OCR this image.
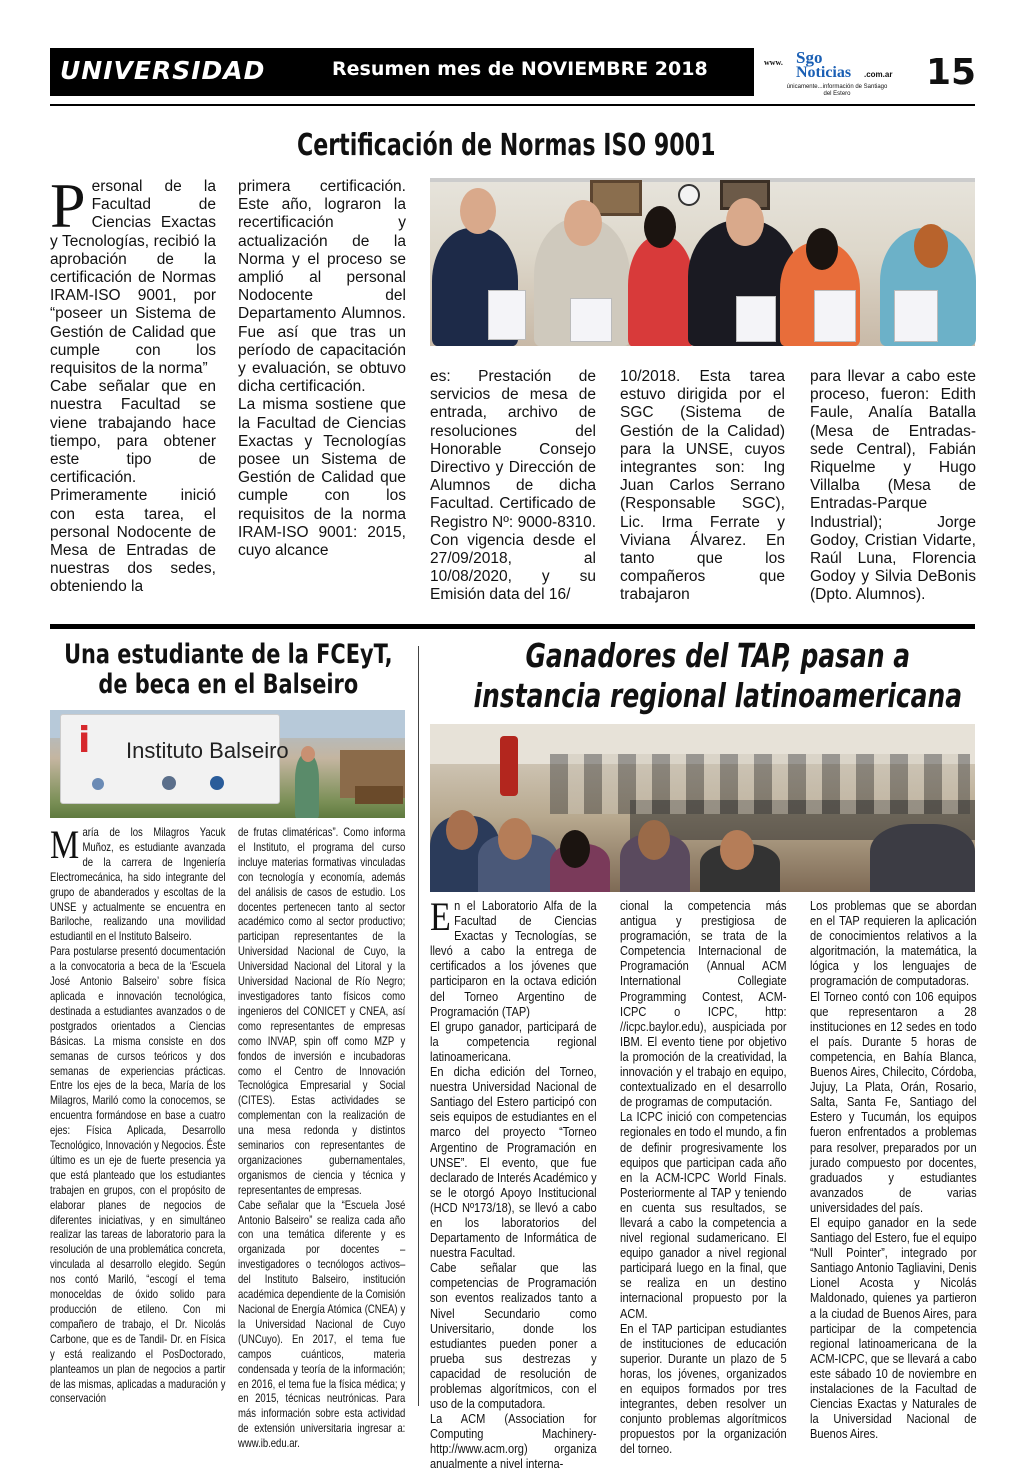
UNIVERSIDAD	Resumen mes de NOVIEMBRE 2018	www. Sgo
Noticias .com.ar
únicamente...información de Santiago del Estero
15
Certificación de Normas ISO 9001
P ersonal de la Facultad de Ciencias Exactas y Tecnologías, recibió la aprobación de la certificación de Normas IRAM-ISO 9001, por “poseer un Sistema de Gestión de Calidad que cumple con los requisitos de la norma”

Cabe señalar que en nuestra Facultad se viene trabajando hace tiempo, para obtener este tipo de certificación. Primeramente inició con esta tarea, el personal Nodocente de Mesa de Entradas de nuestras dos sedes, obteniendo la

primera certificación. Este año, lograron la recertificación y actualización de la Norma y el proceso se amplió al personal Nodocente del Departamento Alumnos. Fue así que tras un período de capacitación y evaluación, se obtuvo dicha certificación.

La misma sostiene que la Facultad de Ciencias Exactas y Tecnologías posee un Sistema de Gestión de Calidad que cumple con los requisitos de la norma IRAM-ISO 9001: 2015, cuyo alcance

es: Prestación de servicios de mesa de entrada, archivo de resoluciones del Honorable Consejo Directivo y Dirección de Alumnos de dicha Facultad. Certificado de Registro Nº: 9000-8310. Con vigencia desde el 27/09/2018, al 10/08/2020, y su Emisión data del 16/

10/2018. Esta tarea estuvo dirigida por el SGC (Sistema de Gestión de la Calidad) para la UNSE, cuyos integrantes son: Ing Juan Carlos Serrano (Responsable SGC), Lic. Irma Ferrate y Viviana Álvarez. En tanto que los compañeros que trabajaron

para llevar a cabo este proceso, fueron: Edith Faule, Analía Batalla (Mesa de Entradas-sede Central), Fabián Riquelme y Hugo Villalba (Mesa de Entradas-Parque Industrial); Jorge Godoy, Cristian Vidarte, Raúl Luna, Florencia Godoy y Silvia DeBonis (Dpto. Alumnos).

Una estudiante de la FCEyT,
de beca en el Balseiro
i	Instituto Balseiro
M aría de los Milagros Yacuk Muñoz, es estudiante avanzada de la carrera de Ingeniería Electromecánica, ha sido integrante del grupo de abanderados y escoltas de la UNSE y actualmente se encuentra en Bariloche, realizando una movilidad estudiantil en el Instituto Balseiro.

Para postularse presentó documentación a la convocatoria a beca de la ‘Escuela José Antonio Balseiro’ sobre física aplicada e innovación tecnológica, destinada a estudiantes avanzados o de postgrados orientados a Ciencias Básicas. La misma consiste en dos semanas de cursos teóricos y dos semanas de experiencias prácticas. Entre los ejes de la beca, María de los Milagros, Mariló como la conocemos, se encuentra formándose en base a cuatro ejes: Física Aplicada, Desarrollo Tecnológico, Innovación y Negocios. Éste último es un eje de fuerte presencia ya que está planteado que los estudiantes trabajen en grupos, con el propósito de elaborar planes de negocios de diferentes iniciativas, y en simultáneo realizar las tareas de laboratorio para la resolución de una problemática concreta, vinculada al desarrollo elegido. Según nos contó Mariló, “escogí el tema monoceldas de óxido solido para producción de etileno. Con mi compañero de trabajo, el Dr. Nicolás Carbone, que es de Tandil- Dr. en Física y está realizando el PosDoctorado, planteamos un plan de negocios a partir de las mismas, aplicadas a maduración y conservación

de frutas climatéricas”. Como informa el Instituto, el programa del curso incluye materias formativas vinculadas con tecnología y economía, además del análisis de casos de estudio. Los docentes pertenecen tanto al sector académico como al sector productivo; participan representantes de la Universidad Nacional de Cuyo, la Universidad Nacional del Litoral y la Universidad Nacional de Río Negro; investigadores tanto físicos como ingenieros del CONICET y CNEA, así como representantes de empresas como INVAP, spin off como MZP y fondos de inversión e incubadoras como el Centro de Innovación Tecnológica Empresarial y Social (CITES). Estas actividades se complementan con la realización de una mesa redonda y distintos seminarios con representantes de organizaciones gubernamentales, organismos de ciencia y técnica y representantes de empresas.

Cabe señalar que la “Escuela José Antonio Balseiro” se realiza cada año con una temática diferente y es organizada por docentes –investigadores o tecnólogos activos– del Instituto Balseiro, institución académica dependiente de la Comisión Nacional de Energía Atómica (CNEA) y la Universidad Nacional de Cuyo (UNCuyo). En 2017, el tema fue campos cuánticos, materia condensada y teoría de la información; en 2016, el tema fue la física médica; y en 2015, técnicas neutrónicas. Para más información sobre esta actividad de extensión universitaria ingresar a: www.ib.edu.ar.

Ganadores del TAP, pasan a
instancia regional latinoamericana
E n el Laboratorio Alfa de la Facultad de Ciencias Exactas y Tecnologías, se llevó a cabo la entrega de certificados a los jóvenes que participaron en la octava edición del Torneo Argentino de Programación (TAP)

El grupo ganador, participará de la competencia regional latinoamericana.

En dicha edición del Torneo, nuestra Universidad Nacional de Santiago del Estero participó con seis equipos de estudiantes en el marco del proyecto “Torneo Argentino de Programación en UNSE”. El evento, que fue declarado de Interés Académico y se le otorgó Apoyo Institucional (HCD Nº173/18), se llevó a cabo en los laboratorios del Departamento de Informática de nuestra Facultad.

Cabe señalar que las competencias de Programación son eventos realizados tanto a Nivel Secundario como Universitario, donde los estudiantes pueden poner a prueba sus destrezas y capacidad de resolución de problemas algorítmicos, con el uso de la computadora.

La ACM (Association for Computing Machinery-http://www.acm.org) organiza anualmente a nivel interna-

cional la competencia más antigua y prestigiosa de programación, se trata de la Competencia Internacional de Programación (Annual ACM International Collegiate Programming Contest, ACM-ICPC o ICPC, http: //icpc.baylor.edu), auspiciada por IBM. El evento tiene por objetivo la promoción de la creatividad, la innovación y el trabajo en equipo, contextualizado en el desarrollo de programas de computación.

La ICPC inició con competencias regionales en todo el mundo, a fin de definir progresivamente los equipos que participan cada año en la ACM-ICPC World Finals. Posteriormente al TAP y teniendo en cuenta sus resultados, se llevará a cabo la competencia a nivel regional sudamericano. El equipo ganador a nivel regional participará luego en la final, que se realiza en un destino internacional propuesto por la ACM.

En el TAP participan estudiantes de instituciones de educación superior. Durante un plazo de 5 horas, los jóvenes, organizados en equipos formados por tres integrantes, deben resolver un conjunto problemas algorítmicos propuestos por la organización del torneo.

Los problemas que se abordan en el TAP requieren la aplicación de conocimientos relativos a la algoritmación, la matemática, la lógica y los lenguajes de programación de computadoras.

El Torneo contó con 106 equipos que representaron a 28 instituciones en 12 sedes en todo el país. Durante 5 horas de competencia, en Bahía Blanca, Buenos Aires, Chilecito, Córdoba, Jujuy, La Plata, Orán, Rosario, Salta, Santa Fe, Santiago del Estero y Tucumán, los equipos fueron enfrentados a problemas para resolver, preparados por un jurado compuesto por docentes, graduados y estudiantes avanzados de varias universidades del país.

El equipo ganador en la sede Santiago del Estero, fue el equipo “Null Pointer”, integrado por Santiago Antonio Tagliavini, Denis Lionel Acosta y Nicolás Maldonado, quienes ya partieron a la ciudad de Buenos Aires, para participar de la competencia regional latinoamericana de la ACM-ICPC, que se llevará a cabo este sábado 10 de noviembre en instalaciones de la Facultad de Ciencias Exactas y Naturales de la Universidad Nacional de Buenos Aires.
